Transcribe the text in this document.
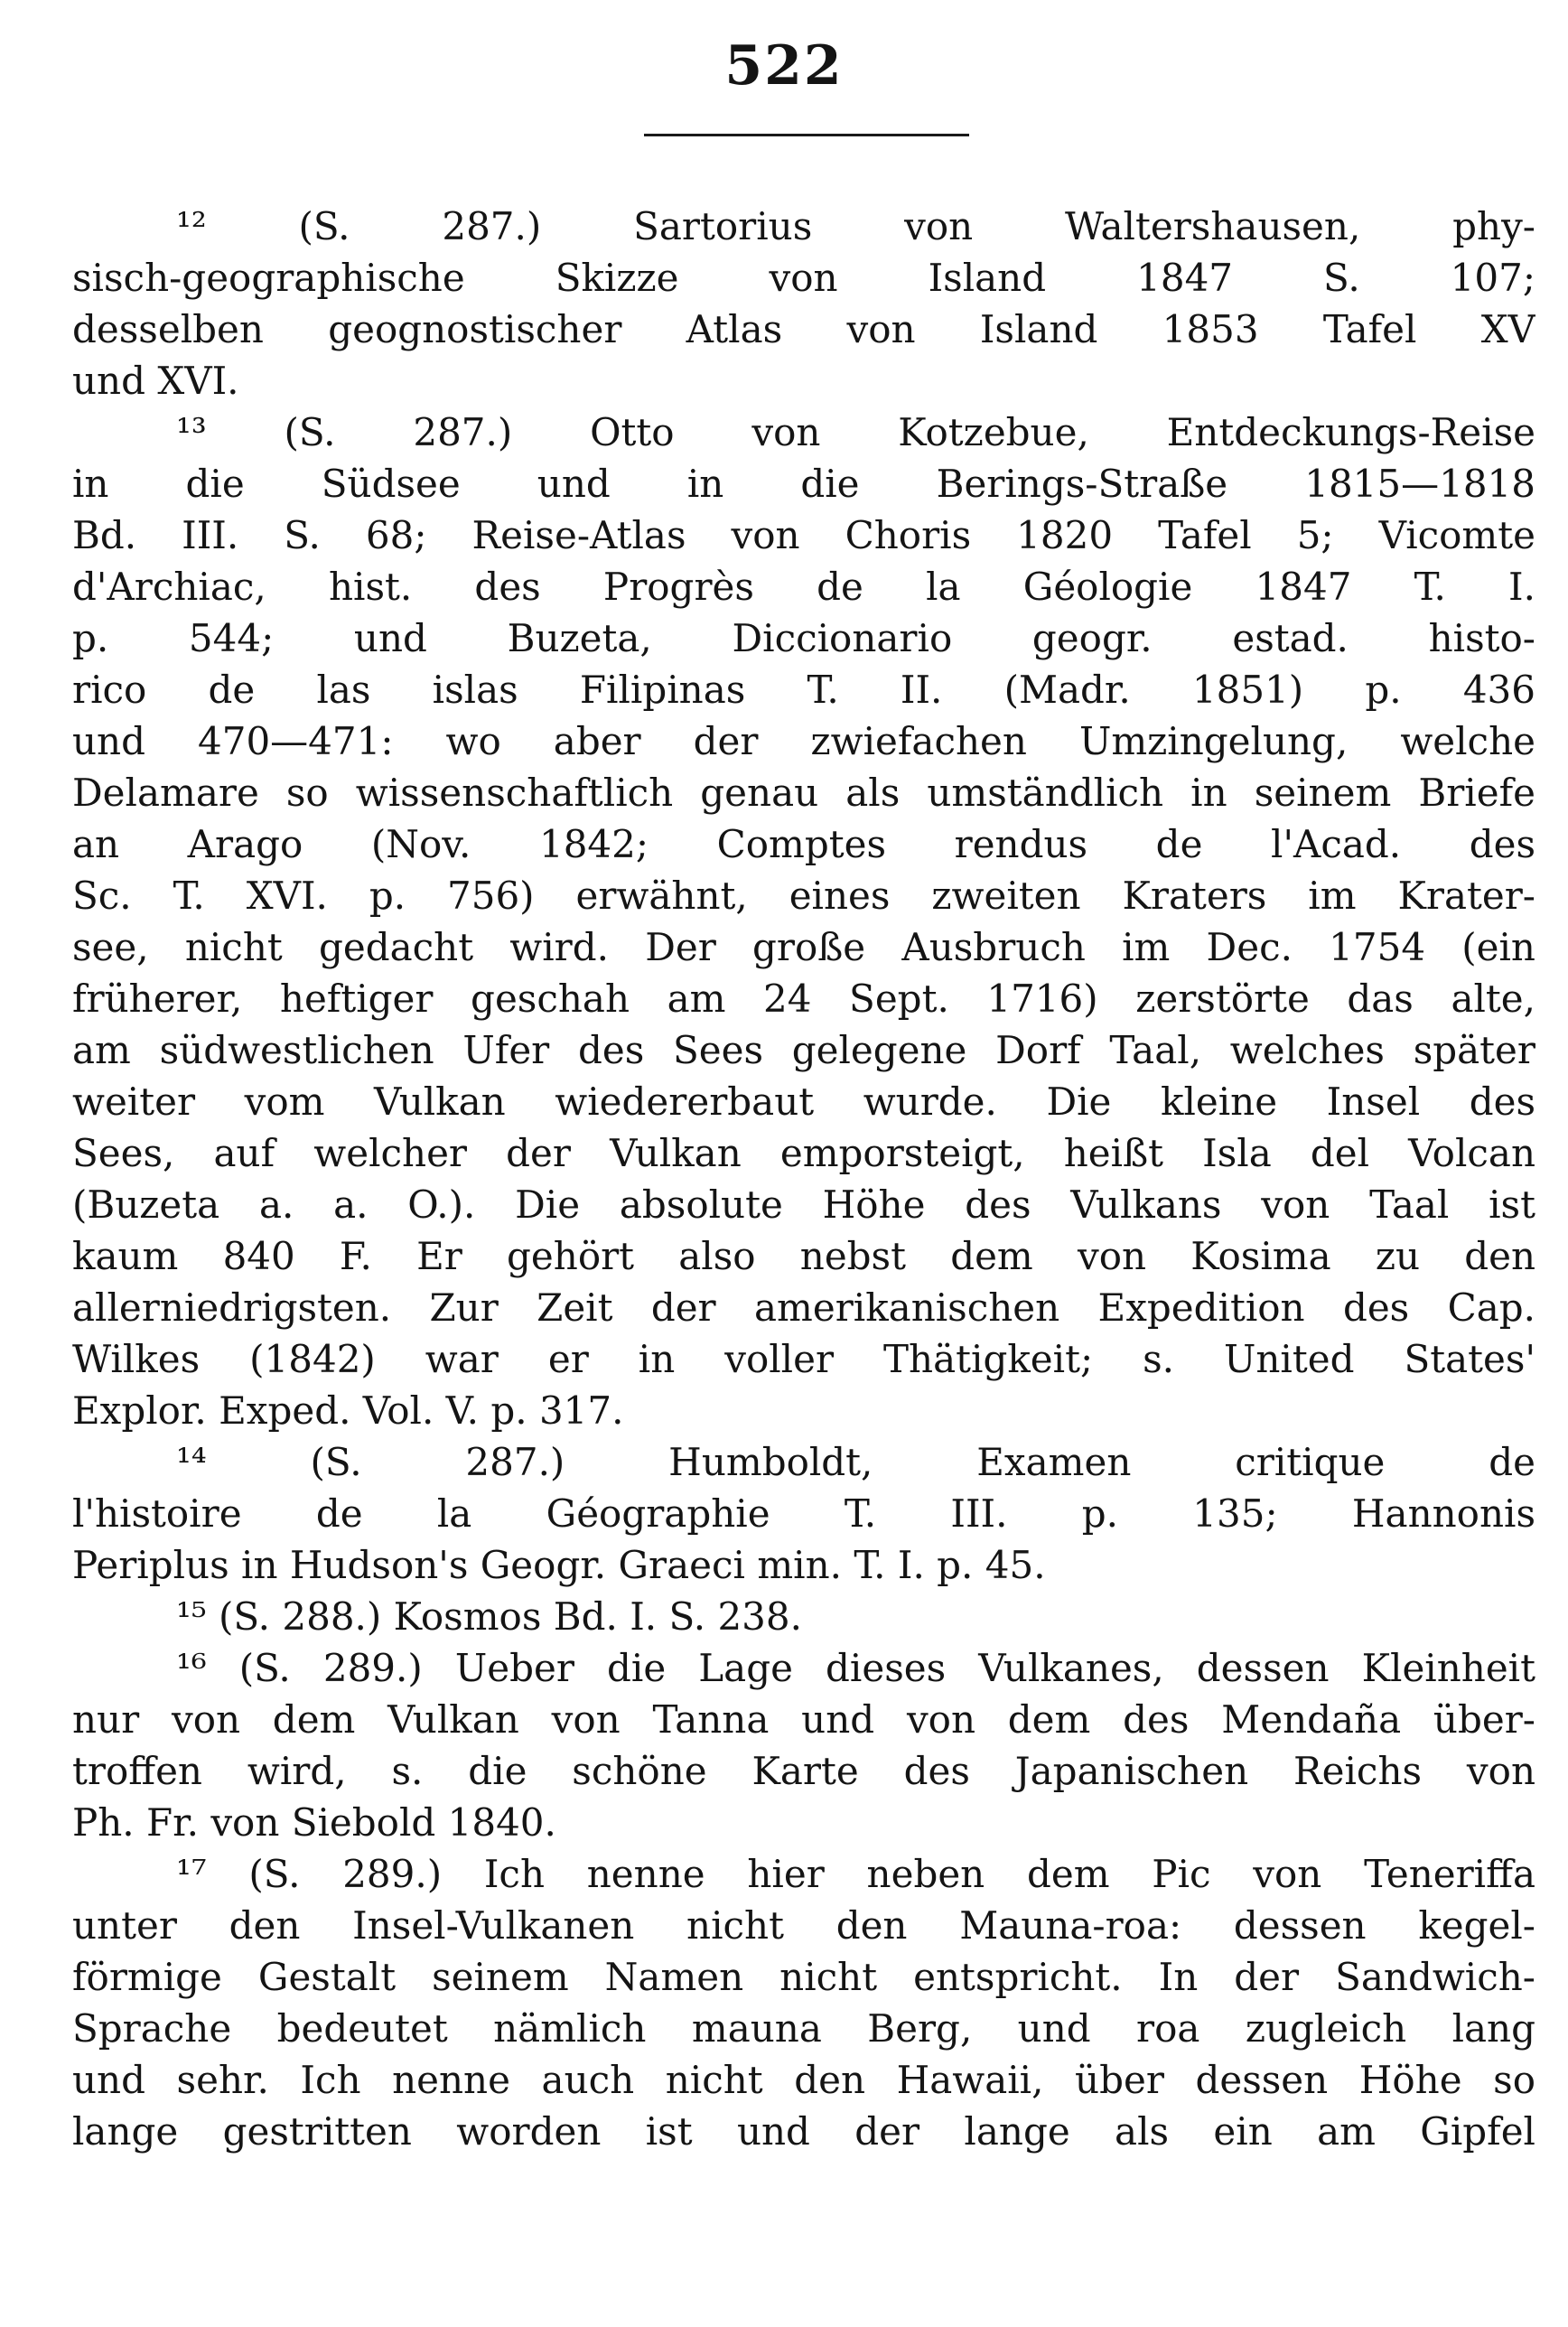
522
¹² (S. 287.) Sartorius von Waltershausen, phy-
sisch-geographische Skizze von Island 1847 S. 107;
desselben geognostischer Atlas von Island 1853 Tafel XV
und XVI.
¹³ (S. 287.) Otto von Kotzebue, Entdeckungs-Reise
in die Südsee und in die Berings-Straße 1815—1818
Bd. III. S. 68; Reise-Atlas von Choris 1820 Tafel 5; Vicomte
d'Archiac, hist. des Progrès de la Géologie 1847 T. I.
p. 544; und Buzeta, Diccionario geogr. estad. histo-
rico de las islas Filipinas T. II. (Madr. 1851) p. 436
und 470—471: wo aber der zwiefachen Umzingelung, welche
Delamare so wissenschaftlich genau als umständlich in seinem Briefe
an Arago (Nov. 1842; Comptes rendus de l'Acad. des
Sc. T. XVI. p. 756) erwähnt, eines zweiten Kraters im Krater-
see, nicht gedacht wird. Der große Ausbruch im Dec. 1754 (ein
früherer, heftiger geschah am 24 Sept. 1716) zerstörte das alte,
am südwestlichen Ufer des Sees gelegene Dorf Taal, welches später
weiter vom Vulkan wiedererbaut wurde. Die kleine Insel des
Sees, auf welcher der Vulkan emporsteigt, heißt Isla del Volcan
(Buzeta a. a. O.). Die absolute Höhe des Vulkans von Taal ist
kaum 840 F. Er gehört also nebst dem von Kosima zu den
allerniedrigsten. Zur Zeit der amerikanischen Expedition des Cap.
Wilkes (1842) war er in voller Thätigkeit; s. United States'
Explor. Exped. Vol. V. p. 317.
¹⁴ (S. 287.) Humboldt, Examen critique de
l'histoire de la Géographie T. III. p. 135; Hannonis
Periplus in Hudson's Geogr. Graeci min. T. I. p. 45.
¹⁵ (S. 288.) Kosmos Bd. I. S. 238.
¹⁶ (S. 289.) Ueber die Lage dieses Vulkanes, dessen Kleinheit
nur von dem Vulkan von Tanna und von dem des Mendaña über-
troffen wird, s. die schöne Karte des Japanischen Reichs von
Ph. Fr. von Siebold 1840.
¹⁷ (S. 289.) Ich nenne hier neben dem Pic von Teneriffa
unter den Insel-Vulkanen nicht den Mauna-roa: dessen kegel-
förmige Gestalt seinem Namen nicht entspricht. In der Sandwich-
Sprache bedeutet nämlich mauna Berg, und roa zugleich lang
und sehr. Ich nenne auch nicht den Hawaii, über dessen Höhe so
lange gestritten worden ist und der lange als ein am Gipfel
